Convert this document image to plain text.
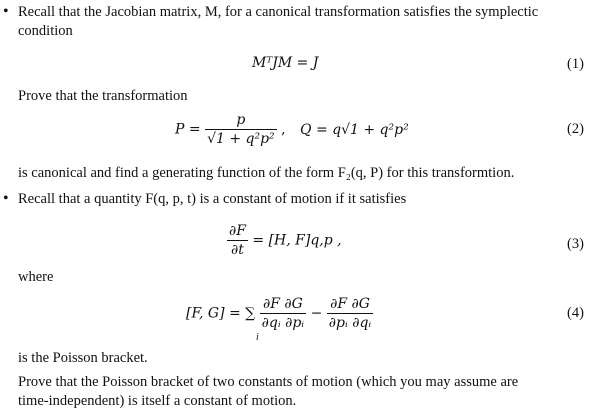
• Recall that the Jacobian matrix, M, for a canonical transformation satisfies the symplectic
condition
MᵀJM = J	(1)
Prove that the transformation
$P = \frac{p}{\text{√1 + q²p²}}$ , Q = q√1 + q²p²	(2)
is canonical and find a generating function of the form F₂(q, P) for this transformtion.
• Recall that a quantity F(q, p, t) is a constant of motion if it satisfies
$\frac{\partial F}{\partial t} = [H$, F]q,p ,	(3)
where
[F, G] = ∑ $\frac{\partial F \partial G}{\text{∂qᵢ ∂pᵢ}} - \frac{\partial F \partial G}{\text{∂pᵢ ∂qᵢ}}$
i
(4)
is the Poisson bracket.
Prove that the Poisson bracket of two constants of motion (which you may assume are
time-independent) is itself a constant of motion.
